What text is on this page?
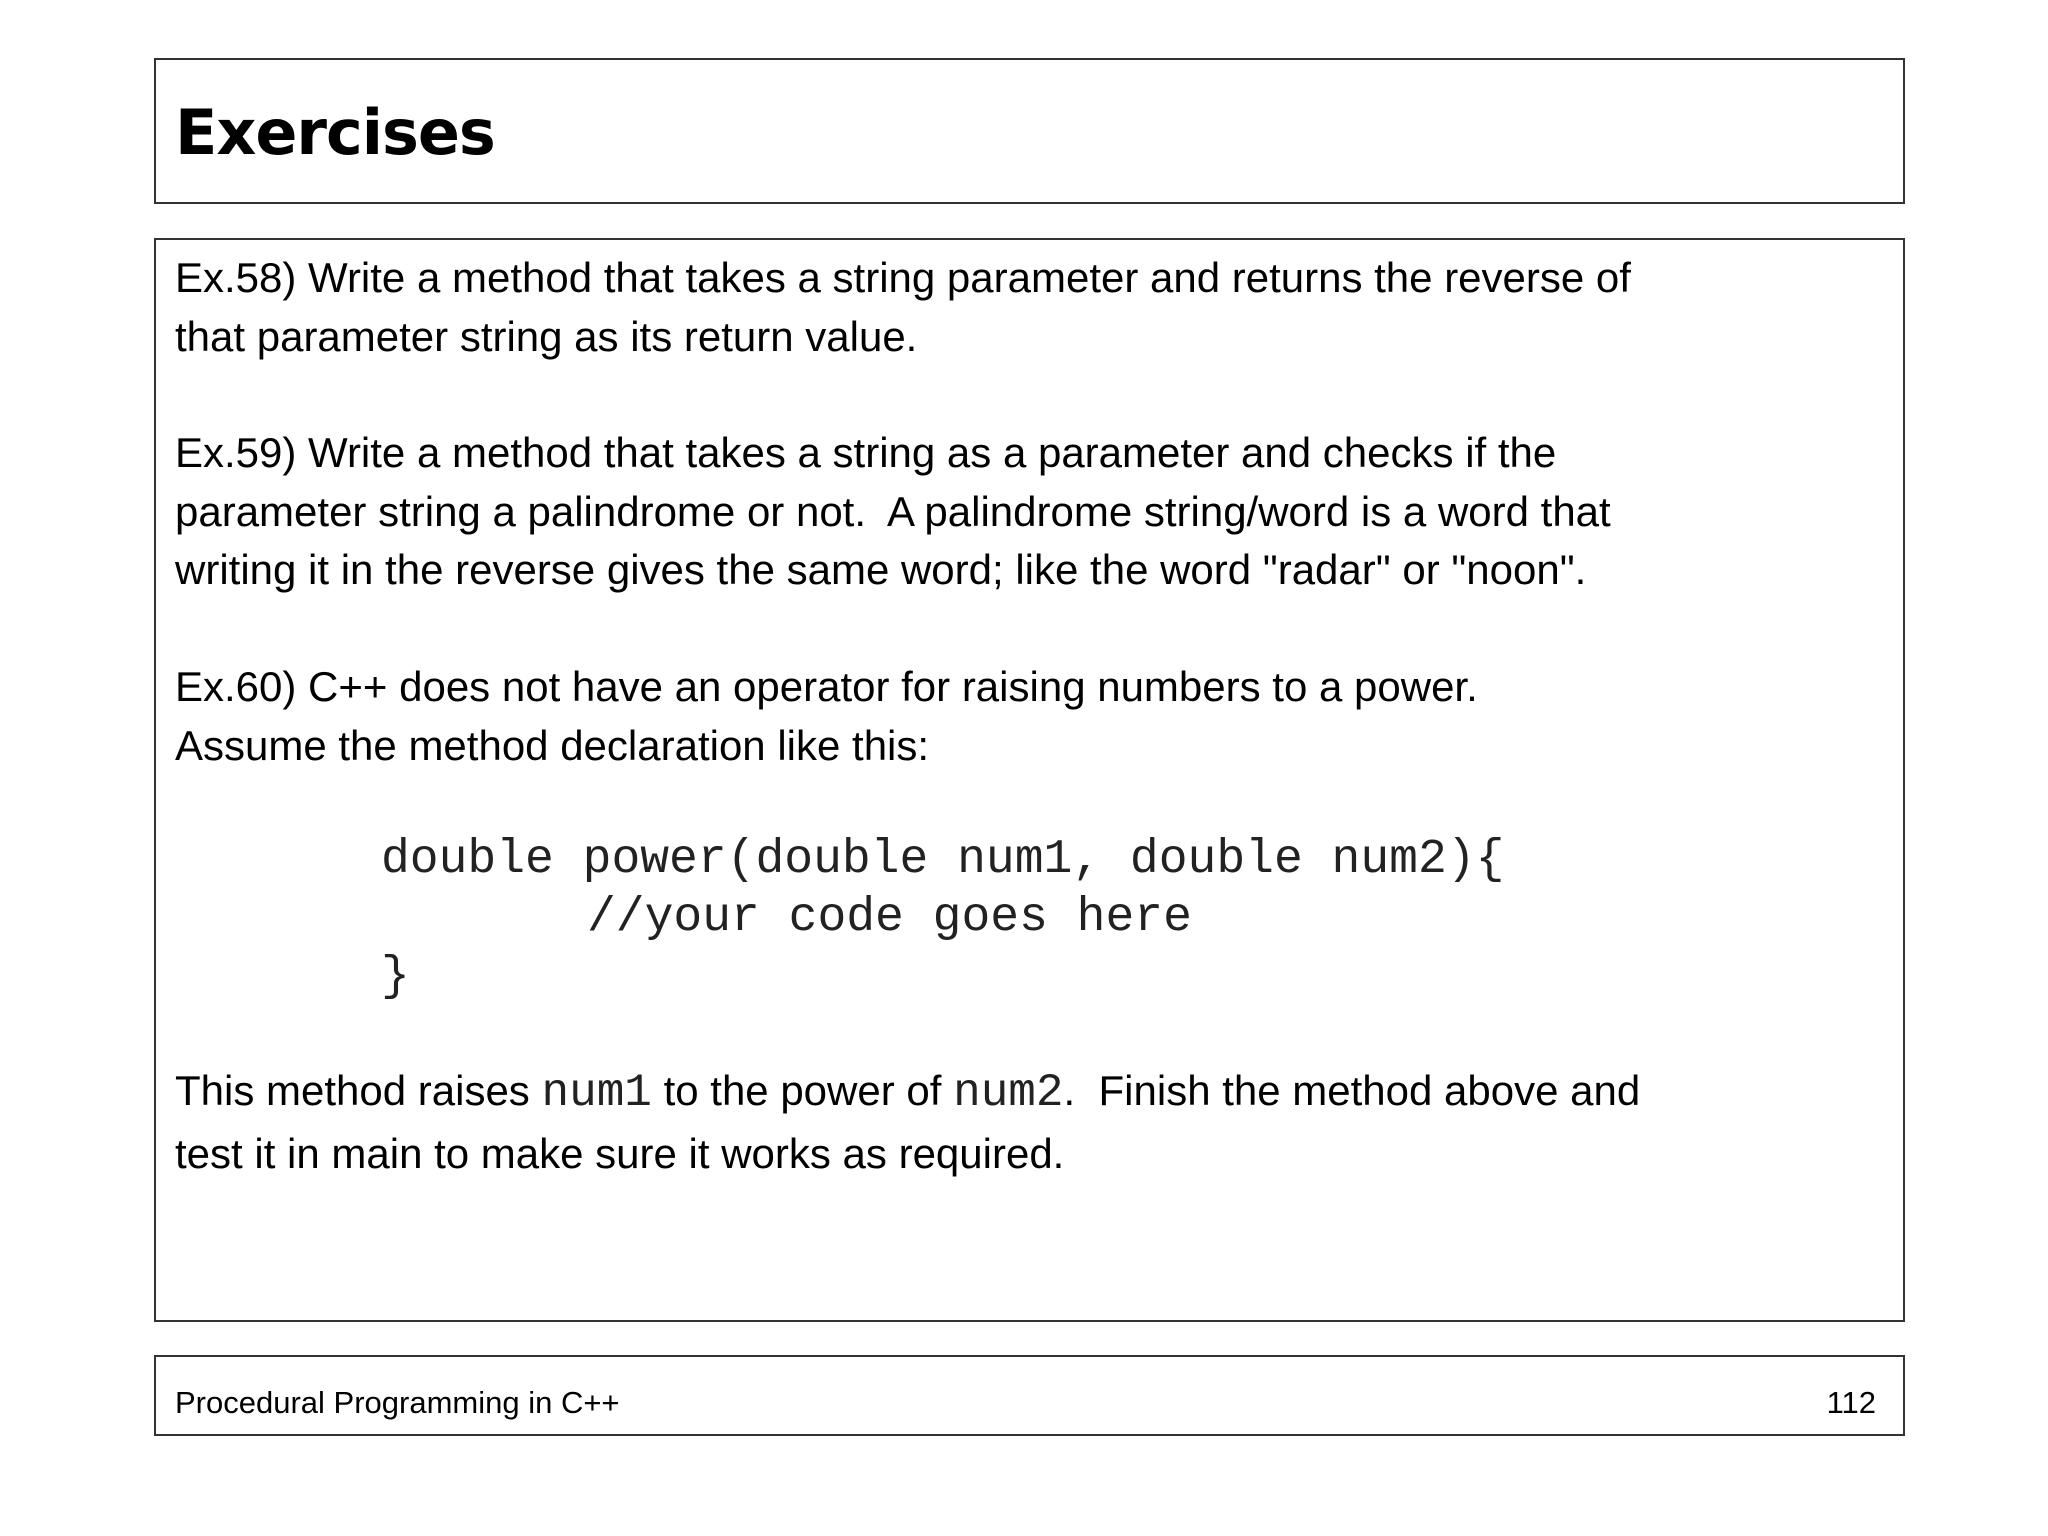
Exercises
Ex.58) Write a method that takes a string parameter and returns the reverse of
that parameter string as its return value.
Ex.59) Write a method that takes a string as a parameter and checks if the
parameter string a palindrome or not.  A palindrome string/word is a word that
writing it in the reverse gives the same word; like the word "radar" or "noon".
Ex.60) C++ does not have an operator for raising numbers to a power.
Assume the method declaration like this:
double power(double num1, double num2){
//your code goes here
}
This method raises num1 to the power of num2.  Finish the method above and
test it in main to make sure it works as required.
Procedural Programming in C++	112
